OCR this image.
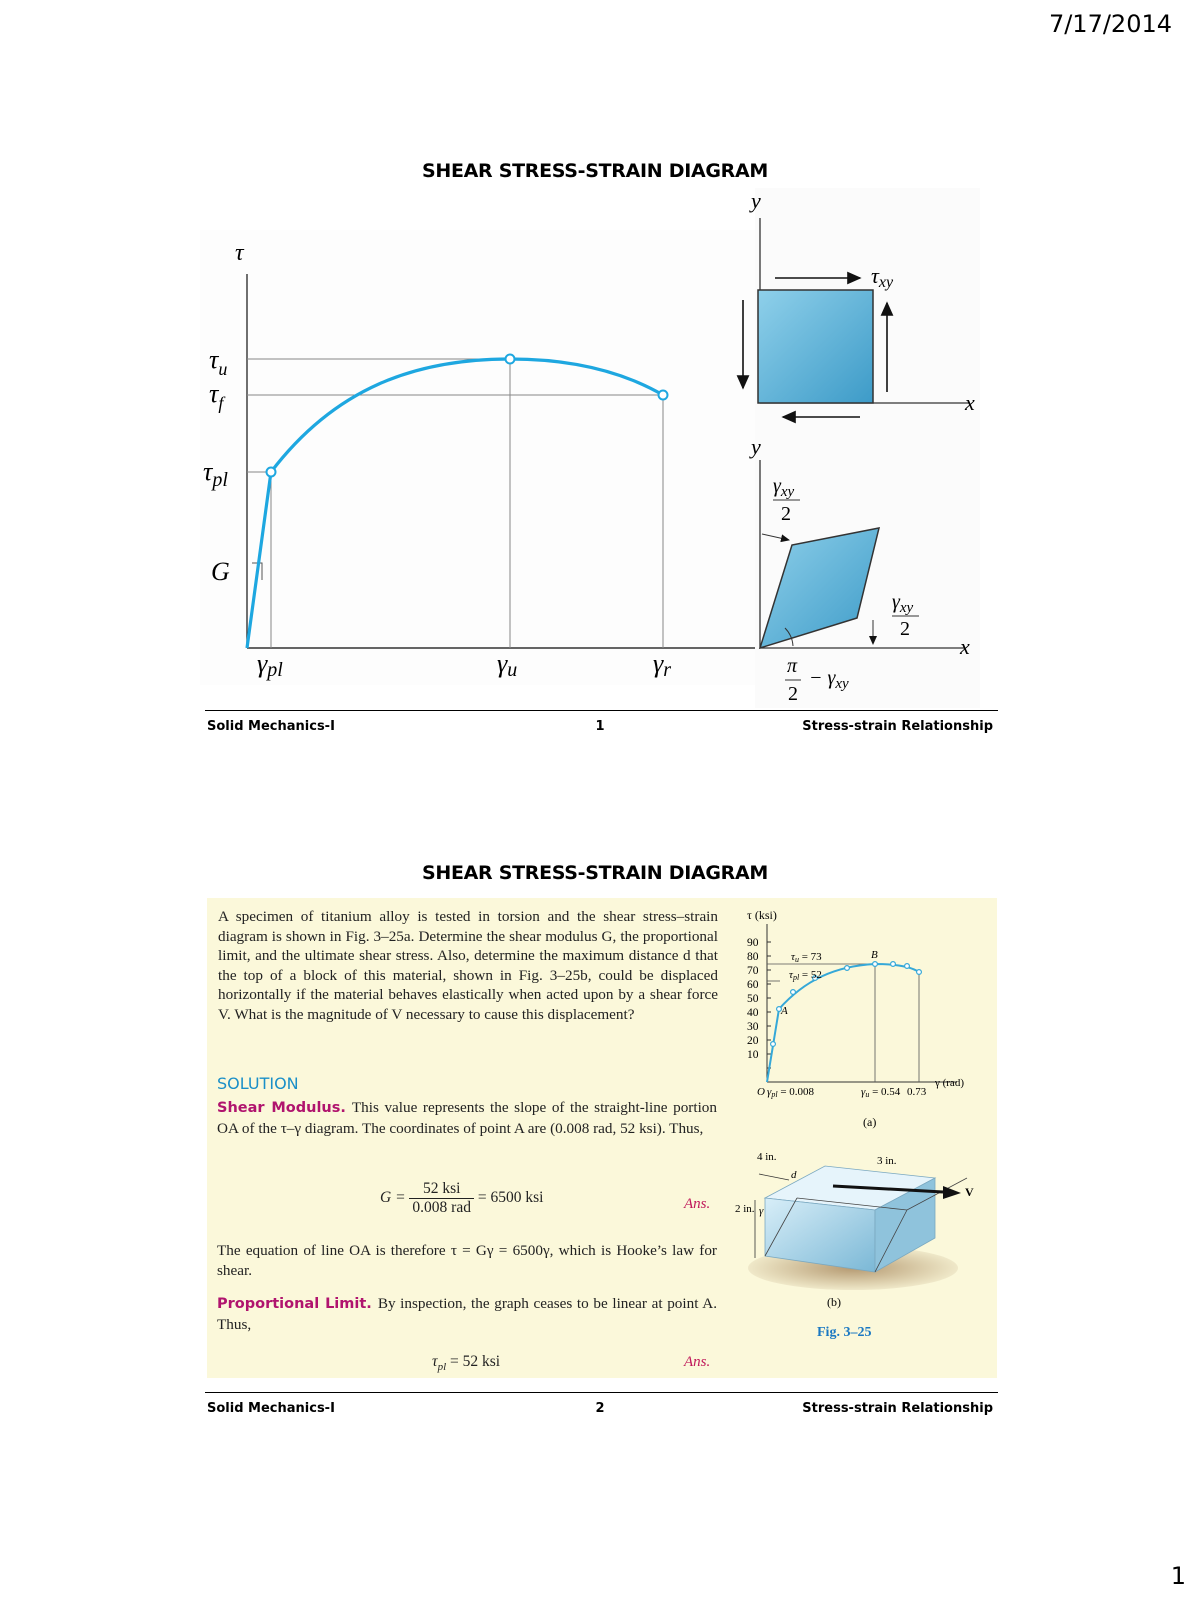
7/17/2014
1
SHEAR STRESS-STRAIN DIAGRAM
τ
$\tau_u$
$\tau_f$
$\tau_{pl}$
G
γpl	γu	γr
y
x
τxy
y
x
$\gamma_{xy}$
2
$\gamma_{xy}$
2
π
2
− $\gamma_{xy}$
Solid Mechanics-I	1	Stress-strain Relationship
SHEAR STRESS-STRAIN DIAGRAM
A specimen of titanium alloy is tested in torsion and the shear stress–strain diagram is shown in Fig. 3–25a. Determine the shear modulus G, the proportional limit, and the ultimate shear stress. Also, determine the maximum distance d that the top of a block of this material, shown in Fig. 3–25b, could be displaced horizontally if the material behaves elastically when acted upon by a shear force V. What is the magnitude of V necessary to cause this displacement?
SOLUTION
Shear Modulus. This value represents the slope of the straight-line portion OA of the τ–γ diagram. The coordinates of point A are (0.008 rad, 52 ksi). Thus,
$G = \frac{\text{52 ksi}}{\text{0.008 rad}} = 6500$ ksi	Ans.
The equation of line OA is therefore τ = Gγ = 6500γ, which is Hooke’s law for shear.
Proportional Limit. By inspection, the graph ceases to be linear at point A. Thus,
$\tau_{pl} = 52$ ksi	Ans.
τ (ksi)
90
80
70
60
50
40
30
20
10
τu = 73
τpl = 52
A
B
O γpl = 0.008	γu = 0.54 0.73
γ (rad)
(a)
3 in.
4 in.
d
2 in. γ
V
(b)
Fig. 3–25
Solid Mechanics-I	2	Stress-strain Relationship
